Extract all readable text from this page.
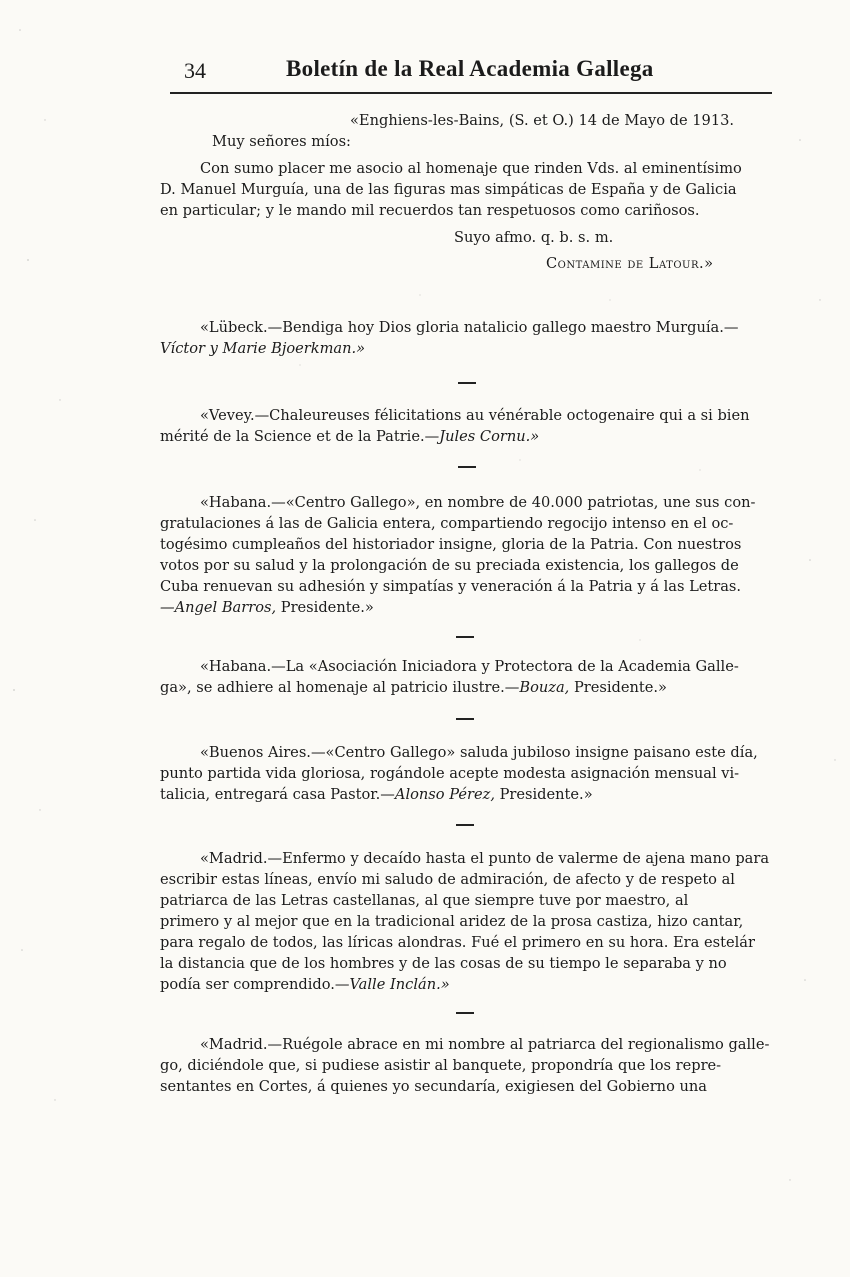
34	Boletín de la Real Academia Gallega
«Enghiens-les-Bains, (S. et O.) 14 de Mayo de 1913.
Muy señores míos:
Con sumo placer me asocio al homenaje que rinden Vds. al eminentísimo
D. Manuel Murguía, una de las figuras mas simpáticas de España y de Galicia
en particular; y le mando mil recuerdos tan respetuosos como cariñosos.
Suyo afmo. q. b. s. m.
Contamine de Latour.»
«Lübeck.—Bendiga hoy Dios gloria natalicio gallego maestro Murguía.—
Víctor y Marie Bjoerkman.»
«Vevey.—Chaleureuses félicitations au vénérable octogenaire qui a si bien
mérité de la Science et de la Patrie.—Jules Cornu.»
«Habana.—«Centro Gallego», en nombre de 40.000 patriotas, une sus con-
gratulaciones á las de Galicia entera, compartiendo regocijo intenso en el oc-
togésimo cumpleaños del historiador insigne, gloria de la Patria. Con nuestros
votos por su salud y la prolongación de su preciada existencia, los gallegos de
Cuba renuevan su adhesión y simpatías y veneración á la Patria y á las Letras.
—Angel Barros, Presidente.»
«Habana.—La «Asociación Iniciadora y Protectora de la Academia Galle-
ga», se adhiere al homenaje al patricio ilustre.—Bouza, Presidente.»
«Buenos Aires.—«Centro Gallego» saluda jubiloso insigne paisano este día,
punto partida vida gloriosa, rogándole acepte modesta asignación mensual vi-
talicia, entregará casa Pastor.—Alonso Pérez, Presidente.»
«Madrid.—Enfermo y decaído hasta el punto de valerme de ajena mano para
escribir estas líneas, envío mi saludo de admiración, de afecto y de respeto al
patriarca de las Letras castellanas, al que siempre tuve por maestro, al
primero y al mejor que en la tradicional aridez de la prosa castiza, hizo cantar,
para regalo de todos, las líricas alondras. Fué el primero en su hora. Era estelár
la distancia que de los hombres y de las cosas de su tiempo le separaba y no
podía ser comprendido.—Valle Inclán.»
«Madrid.—Ruégole abrace en mi nombre al patriarca del regionalismo galle-
go, diciéndole que, si pudiese asistir al banquete, propondría que los repre-
sentantes en Cortes, á quienes yo secundaría, exigiesen del Gobierno una
